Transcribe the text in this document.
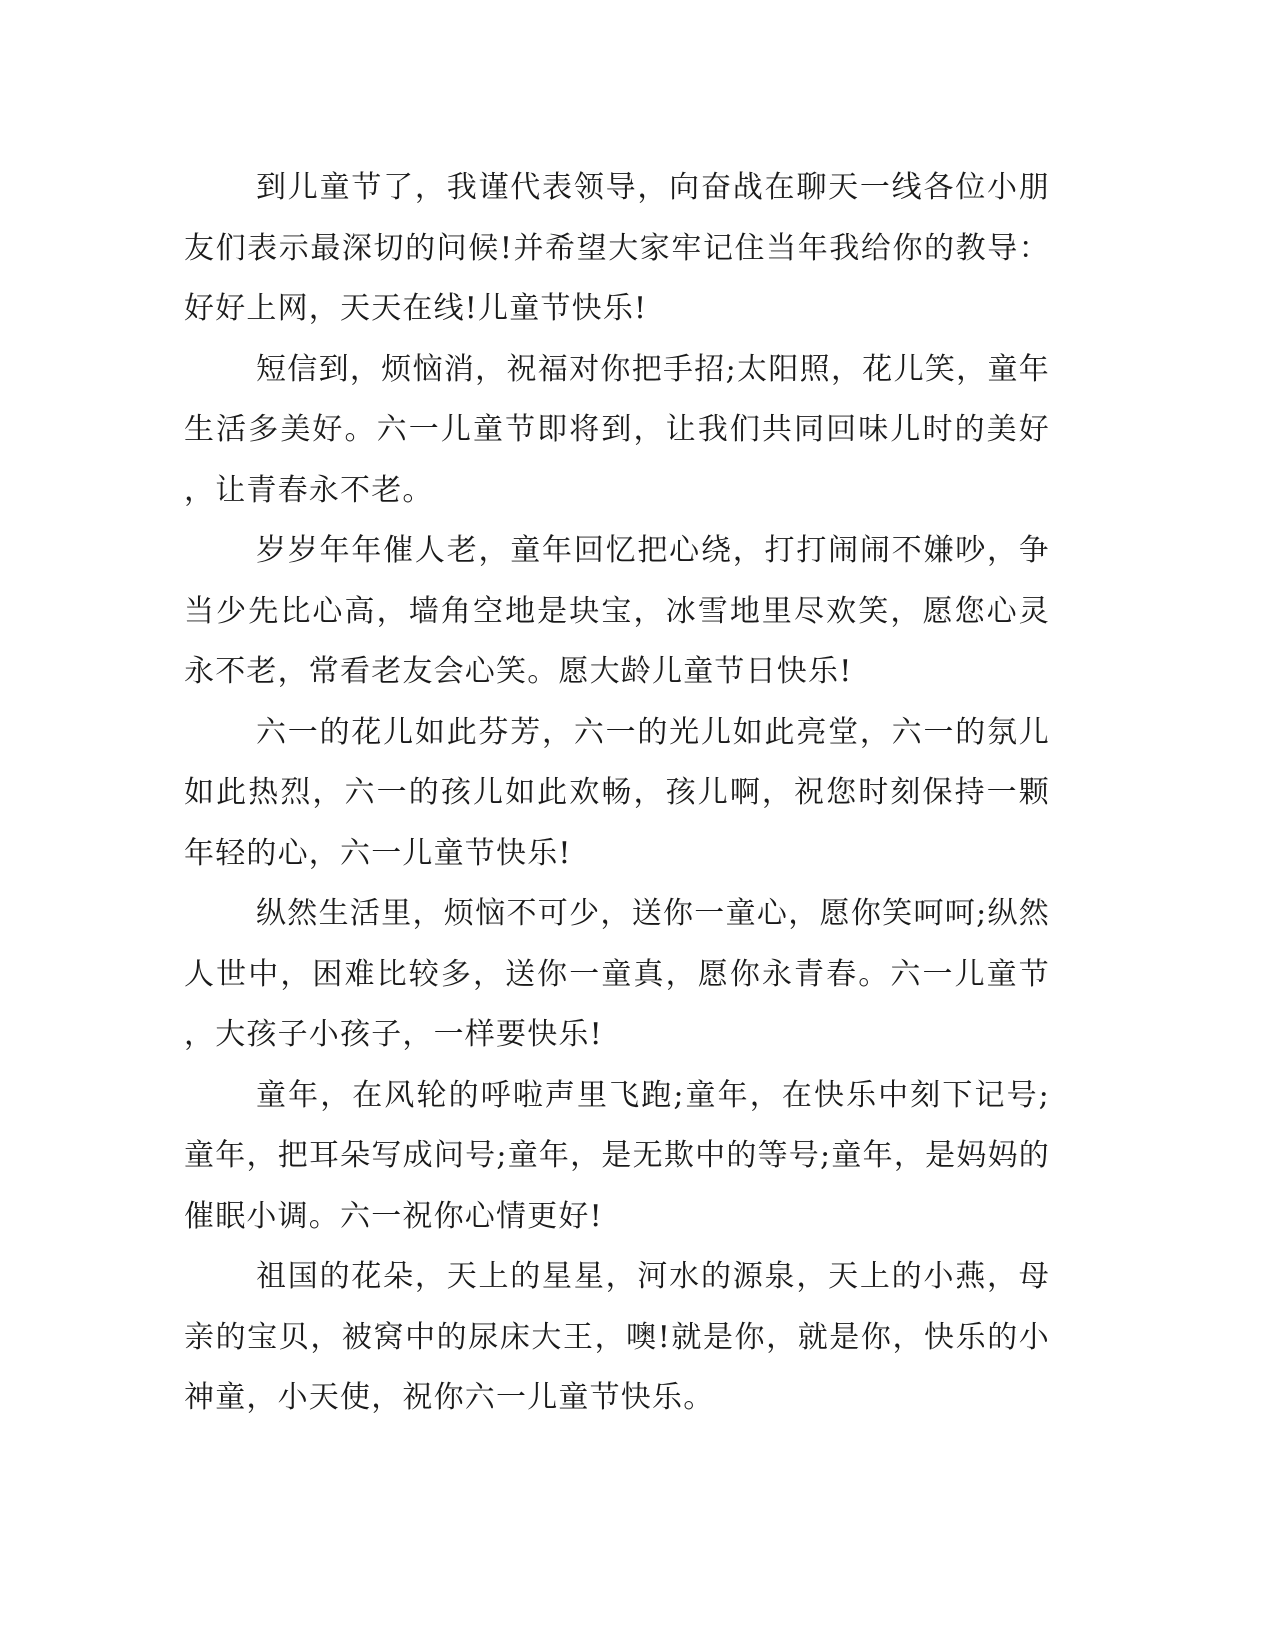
到儿童节了，我谨代表领导，向奋战在聊天一线各位小朋友们表示最深切的问候!并希望大家牢记住当年我给你的教导：好好上网，天天在线!儿童节快乐!

短信到，烦恼消，祝福对你把手招;太阳照，花儿笑，童年生活多美好。六一儿童节即将到，让我们共同回味儿时的美好，让青春永不老。

岁岁年年催人老，童年回忆把心绕，打打闹闹不嫌吵，争当少先比心高，墙角空地是块宝，冰雪地里尽欢笑，愿您心灵永不老，常看老友会心笑。愿大龄儿童节日快乐!

六一的花儿如此芬芳，六一的光儿如此亮堂，六一的氛儿如此热烈，六一的孩儿如此欢畅，孩儿啊，祝您时刻保持一颗年轻的心，六一儿童节快乐!

纵然生活里，烦恼不可少，送你一童心，愿你笑呵呵;纵然人世中，困难比较多，送你一童真，愿你永青春。六一儿童节，大孩子小孩子，一样要快乐!

童年，在风轮的呼啦声里飞跑;童年，在快乐中刻下记号;童年，把耳朵写成问号;童年，是无欺中的等号;童年，是妈妈的催眠小调。六一祝你心情更好!

祖国的花朵，天上的星星，河水的源泉，天上的小燕，母亲的宝贝，被窝中的尿床大王，噢!就是你，就是你，快乐的小神童，小天使，祝你六一儿童节快乐。
